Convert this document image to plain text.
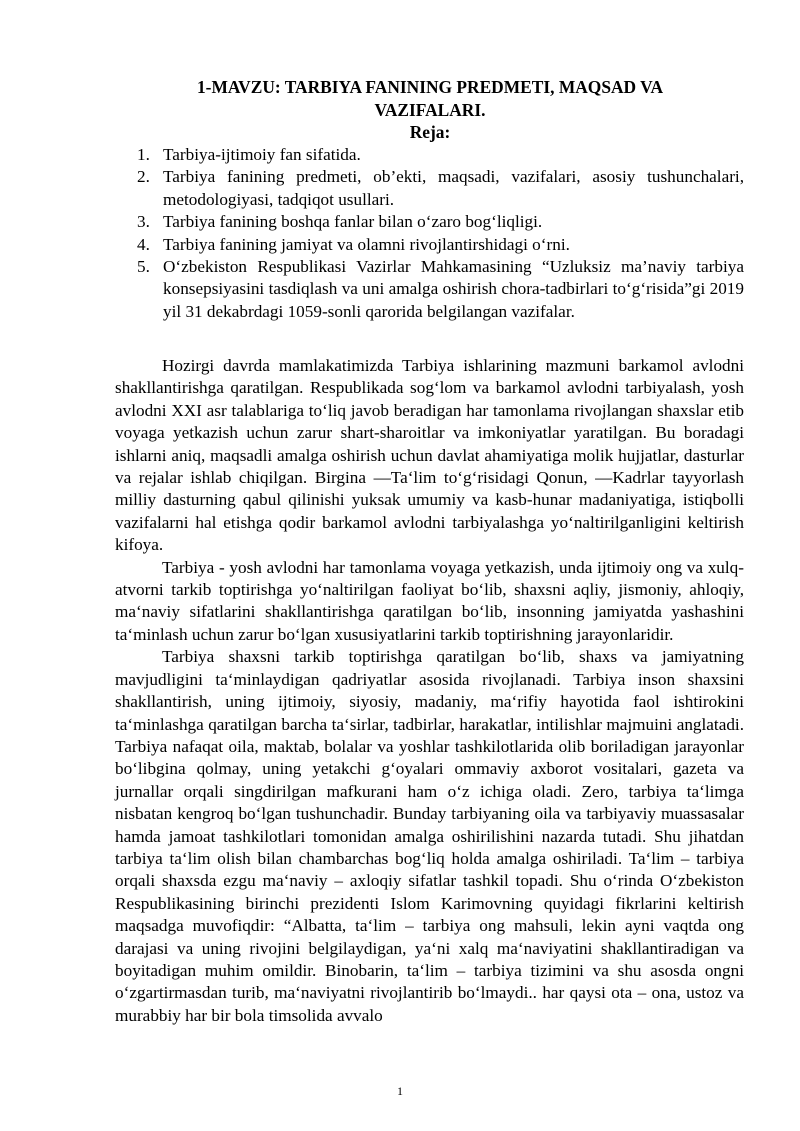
1-MAVZU: TARBIYA FANINING PREDMETI, MAQSAD VA VAZIFALARI.
Reja:
1. Tarbiya-ijtimoiy fan sifatida.
2. Tarbiya fanining predmeti, ob’ekti, maqsadi, vazifalari, asosiy tushunchalari, metodologiyasi, tadqiqot usullari.
3. Tarbiya fanining boshqa fanlar bilan o‘zaro bog‘liqligi.
4. Tarbiya fanining jamiyat va olamni rivojlantirshidagi o‘rni.
5. O‘zbekiston Respublikasi Vazirlar Mahkamasining “Uzluksiz ma’naviy tarbiya konsepsiyasini tasdiqlash va uni amalga oshirish chora-tadbirlari to‘g‘risida”gi 2019 yil 31 dekabrdagi 1059-sonli qarorida belgilangan vazifalar.

Hozirgi davrda mamlakatimizda Tarbiya ishlarining mazmuni barkamol avlodni shakllantirishga qaratilgan. Respublikada sog‘lom va barkamol avlodni tarbiyalash, yosh avlodni XXI asr talablariga to‘liq javob beradigan har tamonlama rivojlangan shaxslar etib voyaga yetkazish uchun zarur shart-sharoitlar va imkoniyatlar yaratilgan. Bu boradagi ishlarni aniq, maqsadli amalga oshirish uchun davlat ahamiyatiga molik hujjatlar, dasturlar va rejalar ishlab chiqilgan. Birgina ―Ta‘lim to‘g‘risidagi Qonun, ―Kadrlar tayyorlash milliy dasturning qabul qilinishi yuksak umumiy va kasb-hunar madaniyatiga, istiqbolli vazifalarni hal etishga qodir barkamol avlodni tarbiyalashga yo‘naltirilganligini keltirish kifoya.

Tarbiya - yosh avlodni har tamonlama voyaga yetkazish, unda ijtimoiy ong va xulq-atvorni tarkib toptirishga yo‘naltirilgan faoliyat bo‘lib, shaxsni aqliy, jismoniy, ahloqiy, ma‘naviy sifatlarini shakllantirishga qaratilgan bo‘lib, insonning jamiyatda yashashini ta‘minlash uchun zarur bo‘lgan xususiyatlarini tarkib toptirishning jarayonlaridir.

Tarbiya shaxsni tarkib toptirishga qaratilgan bo‘lib, shaxs va jamiyatning mavjudligini ta‘minlaydigan qadriyatlar asosida rivojlanadi. Tarbiya inson shaxsini shakllantirish, uning ijtimoiy, siyosiy, madaniy, ma‘rifiy hayotida faol ishtirokini ta‘minlashga qaratilgan barcha ta‘sirlar, tadbirlar, harakatlar, intilishlar majmuini anglatadi. Tarbiya nafaqat oila, maktab, bolalar va yoshlar tashkilotlarida olib boriladigan jarayonlar bo‘libgina qolmay, uning yetakchi g‘oyalari ommaviy axborot vositalari, gazeta va jurnallar orqali singdirilgan mafkurani ham o‘z ichiga oladi. Zero, tarbiya ta‘limga nisbatan kengroq bo‘lgan tushunchadir. Bunday tarbiyaning oila va tarbiyaviy muassasalar hamda jamoat tashkilotlari tomonidan amalga oshirilishini nazarda tutadi. Shu jihatdan tarbiya ta‘lim olish bilan chambarchas bog‘liq holda amalga oshiriladi. Ta‘lim – tarbiya orqali shaxsda ezgu ma‘naviy – axloqiy sifatlar tashkil topadi. Shu o‘rinda O‘zbekiston Respublikasining birinchi prezidenti Islom Karimovning quyidagi fikrlarini keltirish maqsadga muvofiqdir: “Albatta, ta‘lim – tarbiya ong mahsuli, lekin ayni vaqtda ong darajasi va uning rivojini belgilaydigan, ya‘ni xalq ma‘naviyatini shakllantiradigan va boyitadigan muhim omildir. Binobarin, ta‘lim – tarbiya tizimini va shu asosda ongni o‘zgartirmasdan turib, ma‘naviyatni rivojlantirib bo‘lmaydi.. har qaysi ota – ona, ustoz va murabbiy har bir bola timsolida avvalo

1
